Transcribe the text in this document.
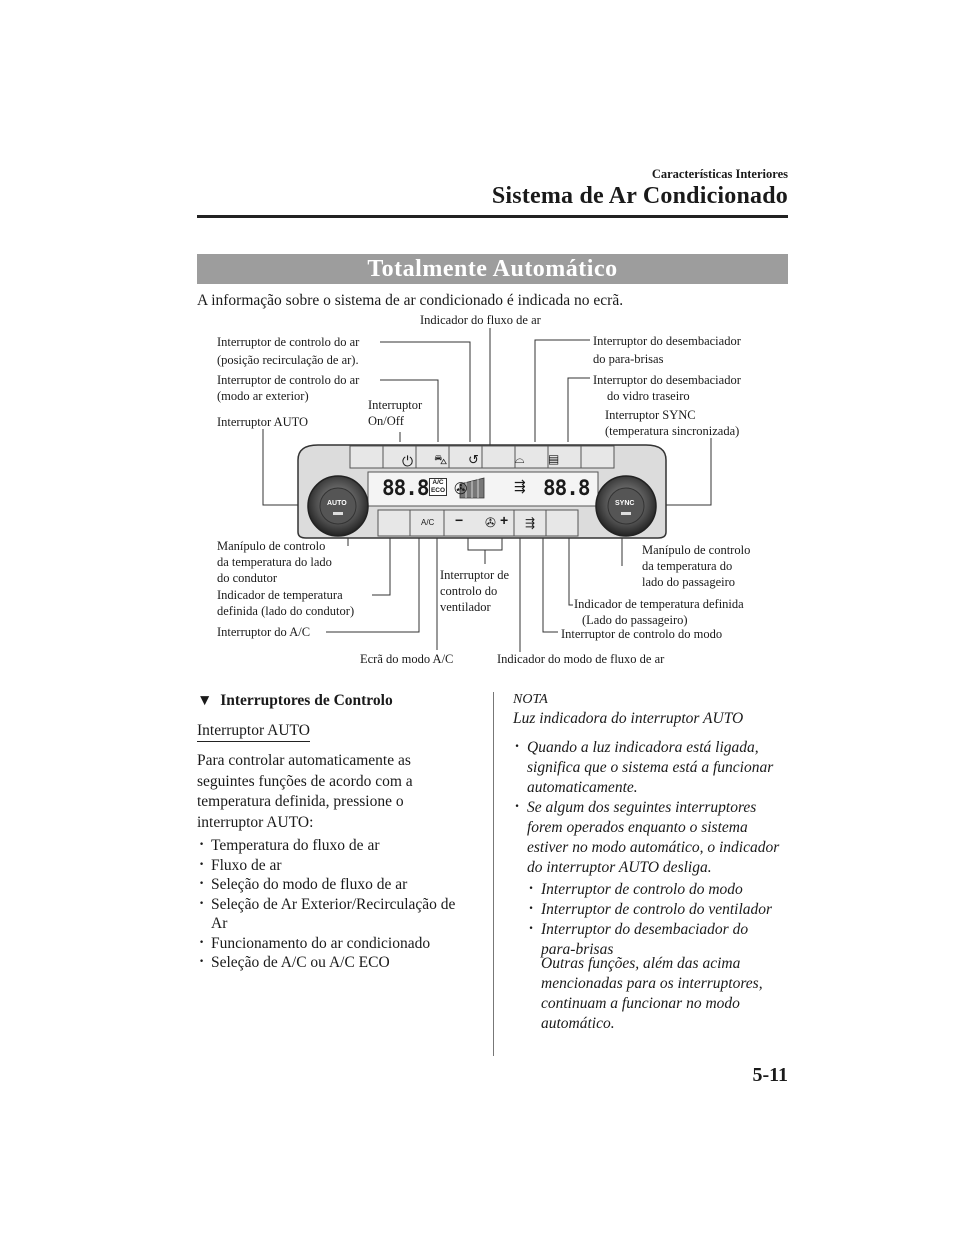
Características Interiores
Sistema de Ar Condicionado
Totalmente Automático
A informação sobre o sistema de ar condicionado é indicada no ecrã.
⏻ ⛍ ↺	⌓ ▤
✇	⇶
✇ ⇶
88.8	88.8
A/C
ECO
AUTO	SYNC
A/C −	+
Indicador do fluxo de ar
Interruptor de controlo do ar
(posição recirculação de ar).
Interruptor de controlo do ar
(modo ar exterior)
Interruptor
On/Off
Interruptor AUTO
Interruptor do desembaciador
do para-brisas
Interruptor do desembaciador
do vidro traseiro
Interruptor SYNC
(temperatura sincronizada)
Manípulo de controlo
da temperatura do lado
do condutor
Indicador de temperatura
definida (lado do condutor)
Interruptor do A/C
Ecrã do modo A/C
Interruptor de
controlo do
ventilador
Indicador do modo de fluxo de ar
Interruptor de controlo do modo
Indicador de temperatura definida
(Lado do passageiro)
Manípulo de controlo
da temperatura do
lado do passageiro
▼ Interruptores de Controlo
Interruptor AUTO
Para controlar automaticamente as
seguintes funções de acordo com a
temperatura definida, pressione o
interruptor AUTO:
· Temperatura do fluxo de ar
· Fluxo de ar
· Seleção do modo de fluxo de ar
· Seleção de Ar Exterior/Recirculação de Ar
· Funcionamento do ar condicionado
· Seleção de A/C ou A/C ECO
NOTA
Luz indicadora do interruptor AUTO
· Quando a luz indicadora está ligada,
significa que o sistema está a funcionar
automaticamente.
· Se algum dos seguintes interruptores
forem operados enquanto o sistema
estiver no modo automático, o indicador
do interruptor AUTO desliga.
· Interruptor de controlo do modo
· Interruptor de controlo do ventilador
· Interruptor do desembaciador do para-brisas
Outras funções, além das acima
mencionadas para os interruptores,
continuam a funcionar no modo
automático.
5-11
